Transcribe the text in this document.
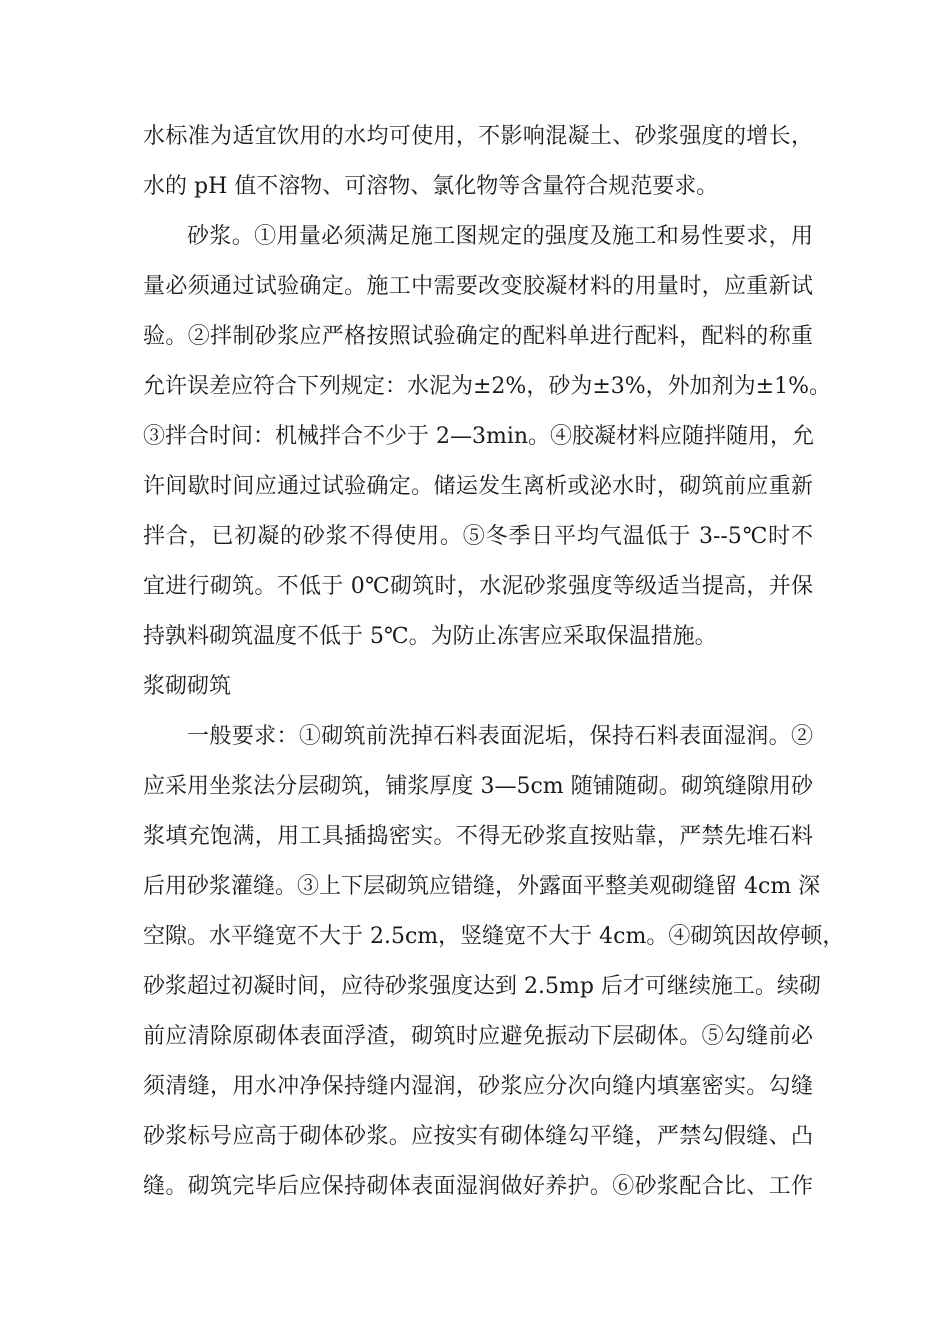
水标准为适宜饮用的水均可使用，不影响混凝土、砂浆强度的增长，
水的 pH 值不溶物、可溶物、氯化物等含量符合规范要求。
砂浆。①用量必须满足施工图规定的强度及施工和易性要求，用
量必须通过试验确定。施工中需要改变胶凝材料的用量时，应重新试
验。②拌制砂浆应严格按照试验确定的配料单进行配料，配料的称重
允许误差应符合下列规定：水泥为±2%，砂为±3%，外加剂为±1%。
③拌合时间：机械拌合不少于 2—3min。④胶凝材料应随拌随用，允
许间歇时间应通过试验确定。储运发生离析或泌水时，砌筑前应重新
拌合，已初凝的砂浆不得使用。⑤冬季日平均气温低于 3--5℃时不
宜进行砌筑。不低于 0℃砌筑时，水泥砂浆强度等级适当提高，并保
持孰料砌筑温度不低于 5℃。为防止冻害应采取保温措施。
浆砌砌筑
一般要求：①砌筑前洗掉石料表面泥垢，保持石料表面湿润。②
应采用坐浆法分层砌筑，铺浆厚度 3—5cm 随铺随砌。砌筑缝隙用砂
浆填充饱满，用工具插捣密实。不得无砂浆直按贴靠，严禁先堆石料
后用砂浆灌缝。③上下层砌筑应错缝，外露面平整美观砌缝留 4cm 深
空隙。水平缝宽不大于 2.5cm，竖缝宽不大于 4cm。④砌筑因故停顿，
砂浆超过初凝时间，应待砂浆强度达到 2.5mp 后才可继续施工。续砌
前应清除原砌体表面浮渣，砌筑时应避免振动下层砌体。⑤勾缝前必
须清缝，用水冲净保持缝内湿润，砂浆应分次向缝内填塞密实。勾缝
砂浆标号应高于砌体砂浆。应按实有砌体缝勾平缝，严禁勾假缝、凸
缝。砌筑完毕后应保持砌体表面湿润做好养护。⑥砂浆配合比、工作
